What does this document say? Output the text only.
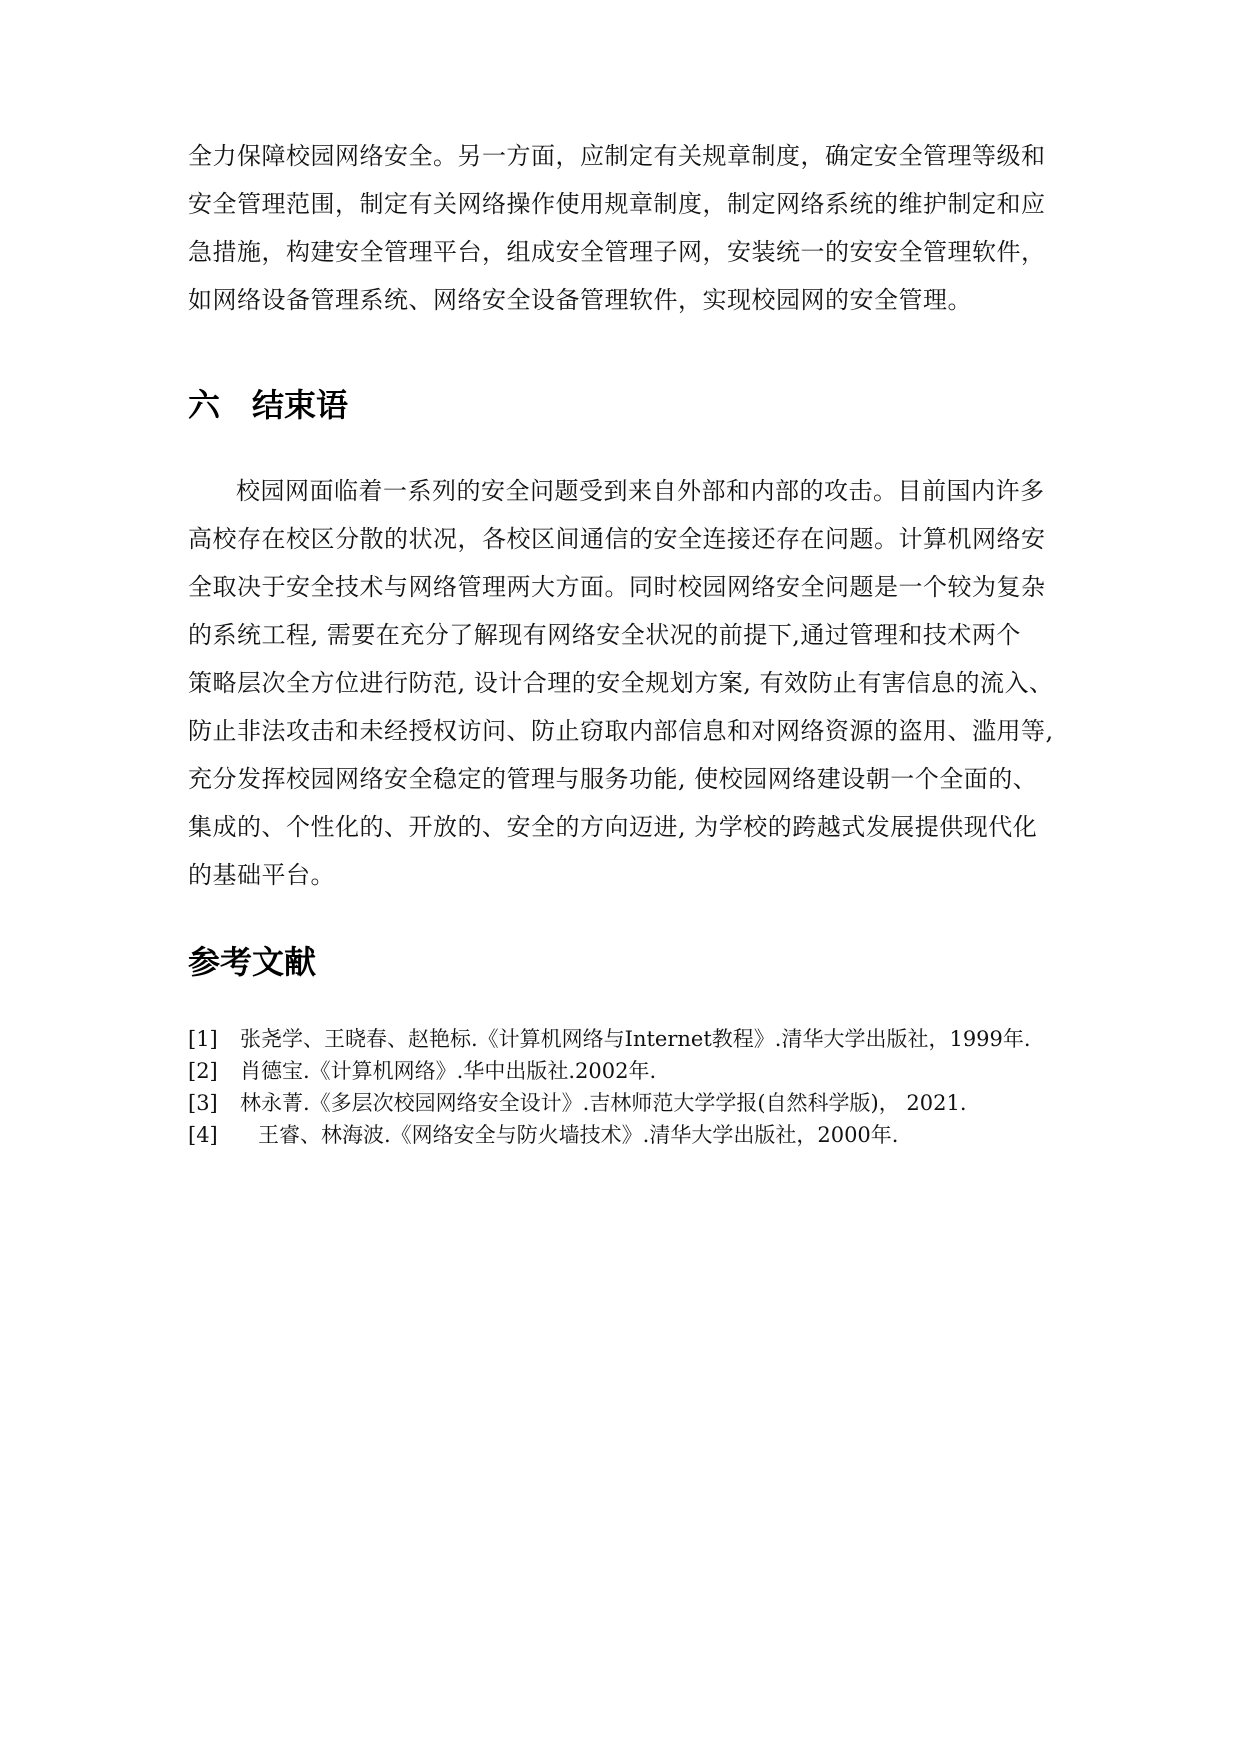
全力保障校园网络安全。另一方面，应制定有关规章制度，确定安全管理等级和

安全管理范围，制定有关网络操作使用规章制度，制定网络系统的维护制定和应

急措施，构建安全管理平台，组成安全管理子网，安装统一的安安全管理软件，

如网络设备管理系统、网络安全设备管理软件，实现校园网的安全管理。

六 结束语

校园网面临着一系列的安全问题受到来自外部和内部的攻击。目前国内许多

高校存在校区分散的状况，各校区间通信的安全连接还存在问题。计算机网络安

全取决于安全技术与网络管理两大方面。同时校园网络安全问题是一个较为复杂

的系统工程, 需要在充分了解现有网络安全状况的前提下,通过管理和技术两个

策略层次全方位进行防范, 设计合理的安全规划方案, 有效防止有害信息的流入、

防止非法攻击和未经授权访问、防止窃取内部信息和对网络资源的盗用、滥用等,

充分发挥校园网络安全稳定的管理与服务功能, 使校园网络建设朝一个全面的、

集成的、个性化的、开放的、安全的方向迈进, 为学校的跨越式发展提供现代化

的基础平台。

参考文献
[1]	张尧学、王晓春、赵艳标.《计算机网络与Internet教程》.清华大学出版社，1999年.
[2]	肖德宝.《计算机网络》.华中出版社.2002年.
[3]	林永菁.《多层次校园网络安全设计》.吉林师范大学学报(自然科学版)， 2021.
[4]	王睿、林海波.《网络安全与防火墙技术》.清华大学出版社，2000年.
